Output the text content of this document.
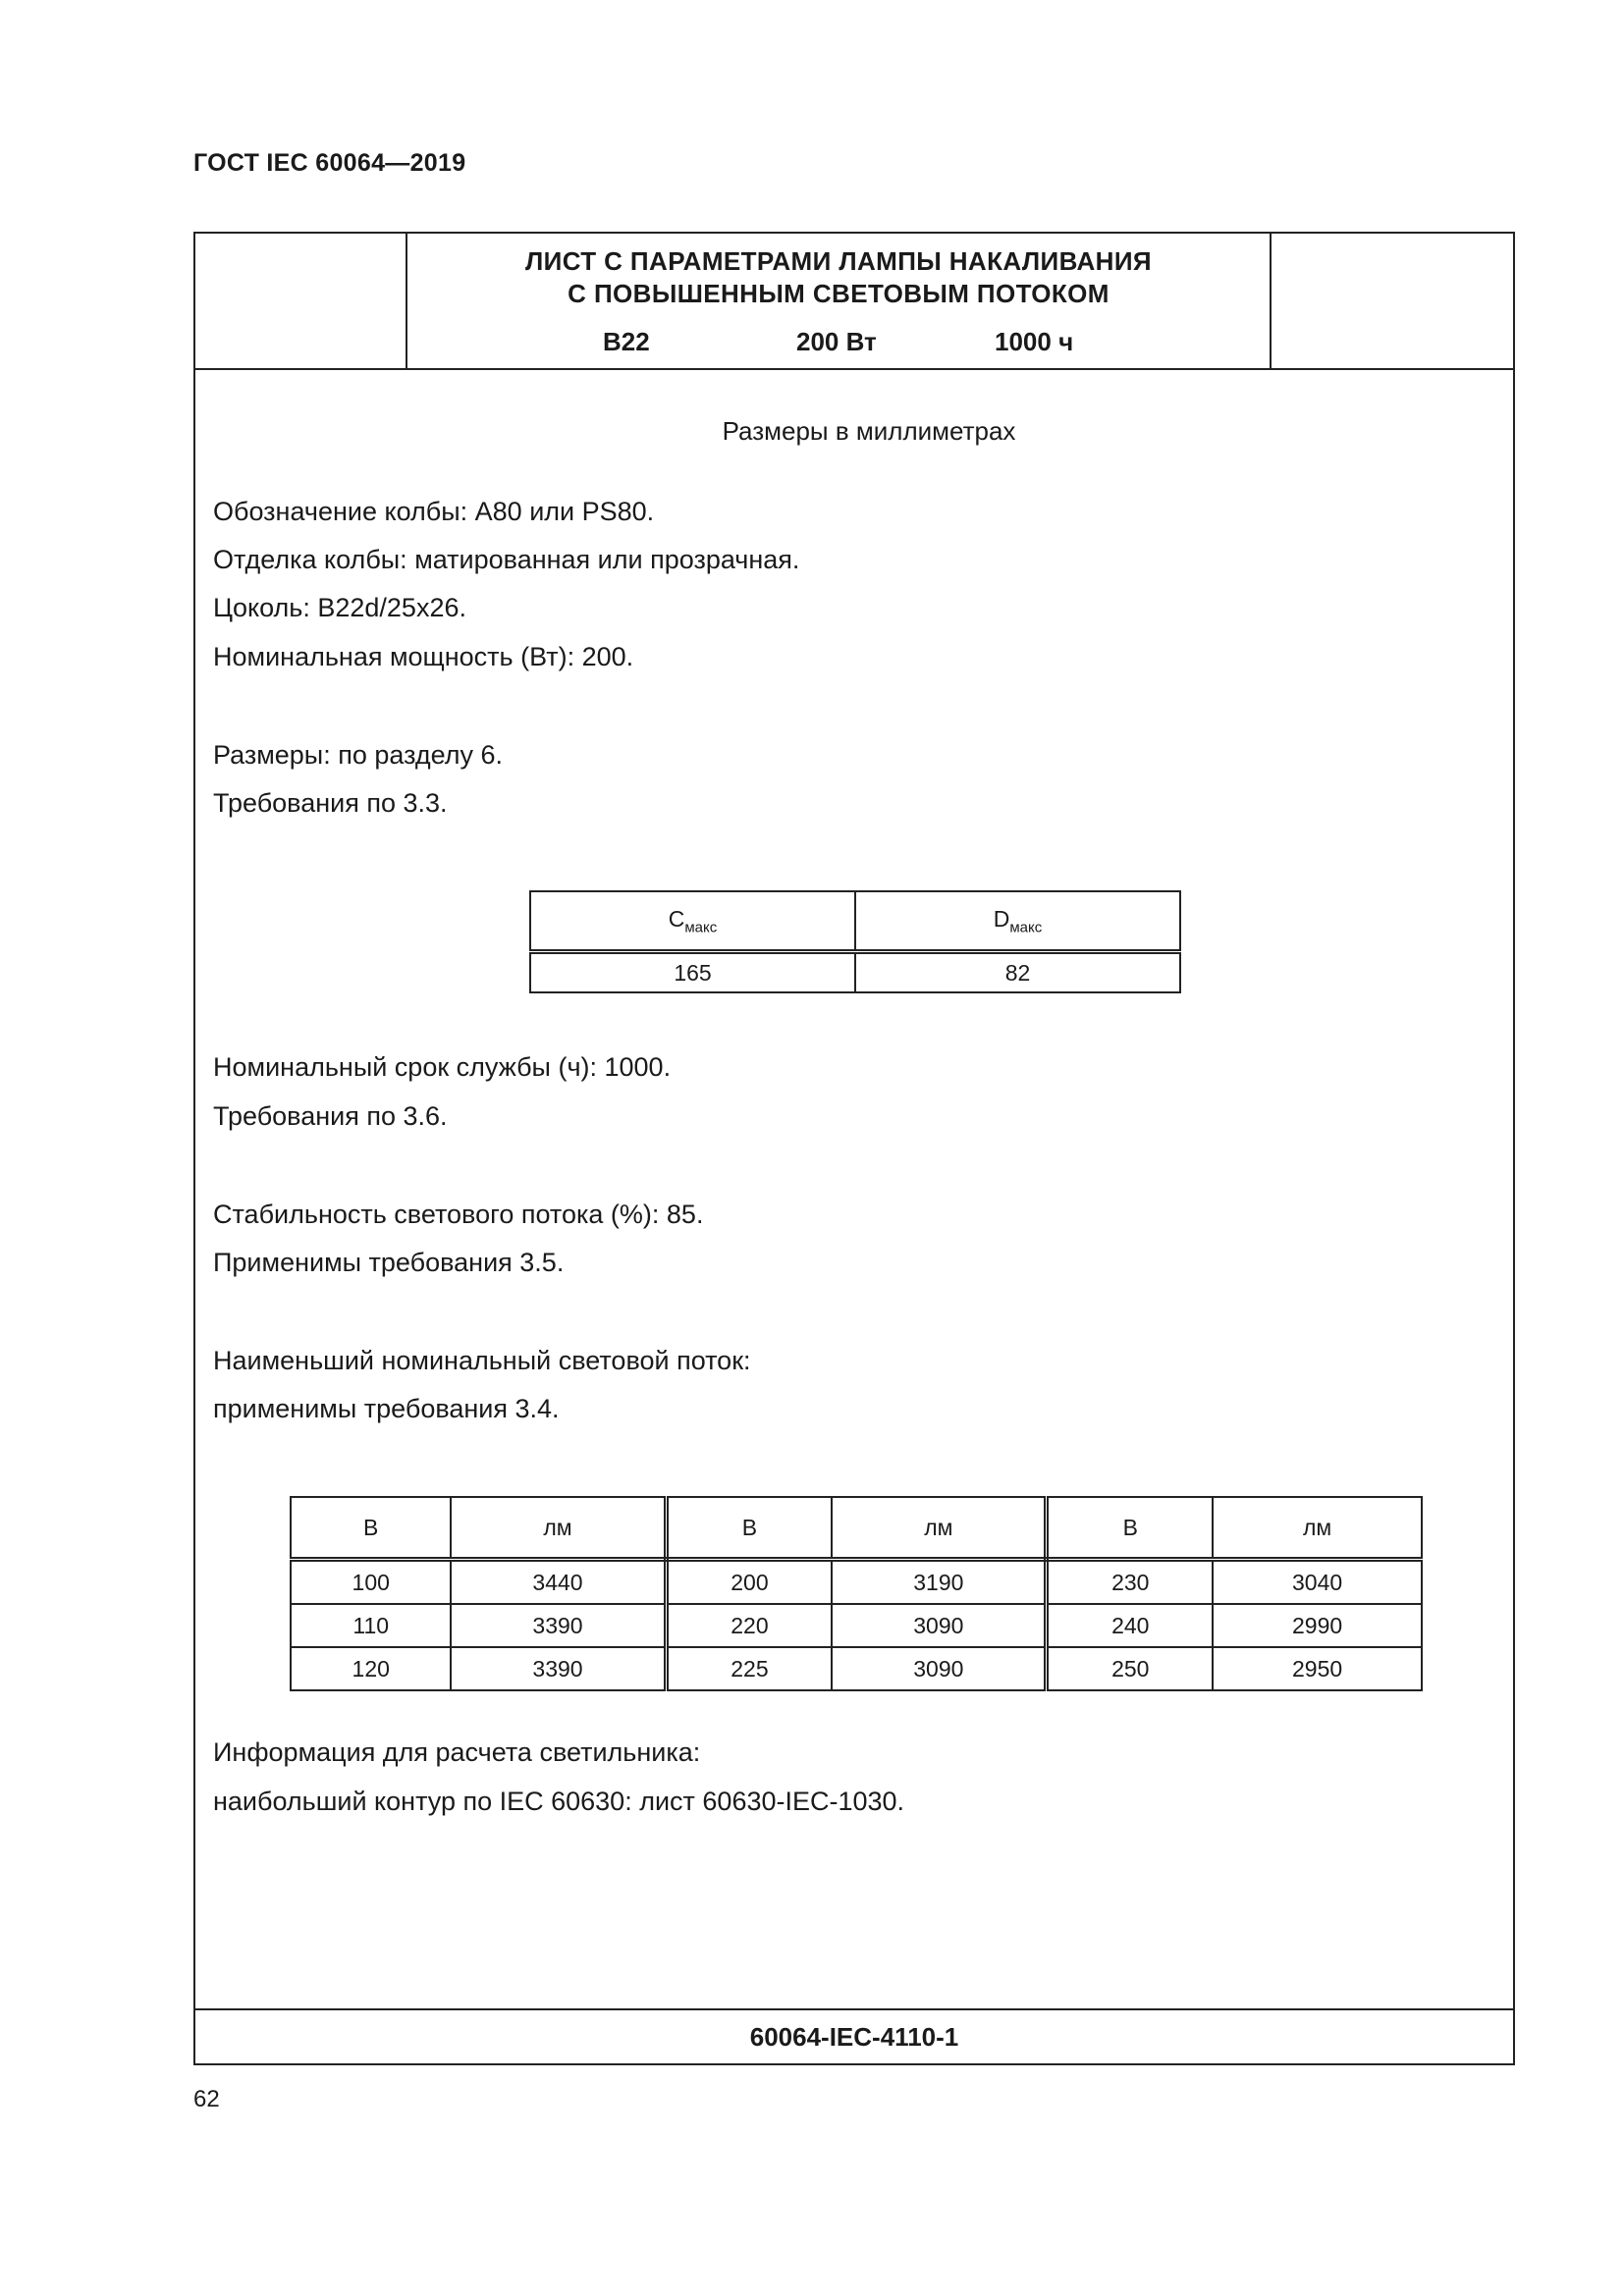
ГОСТ IEC 60064—2019
ЛИСТ С ПАРАМЕТРАМИ ЛАМПЫ НАКАЛИВАНИЯ
С ПОВЫШЕННЫМ СВЕТОВЫМ ПОТОКОМ
B22	200 Вт	1000 ч
Размеры в миллиметрах
Обозначение колбы: A80 или PS80.
Отделка колбы: матированная или прозрачная.
Цоколь: B22d/25x26.
Номинальная мощность (Вт): 200.
Размеры: по разделу 6.
Требования по 3.3.
$C_{макс}$	$D_{макс}$
165	82
Номинальный срок службы (ч): 1000.
Требования по 3.6.
Стабильность светового потока (%): 85.
Применимы требования 3.5.
Наименьший номинальный световой поток:
применимы требования 3.4.
В	лм	В	лм	В	лм
100	3440	200	3190	230	3040
110	3390	220	3090	240	2990
120	3390	225	3090	250	2950
Информация для расчета светильника:
наибольший контур по IEC 60630: лист 60630-IEC-1030.
60064-IEC-4110-1
62
